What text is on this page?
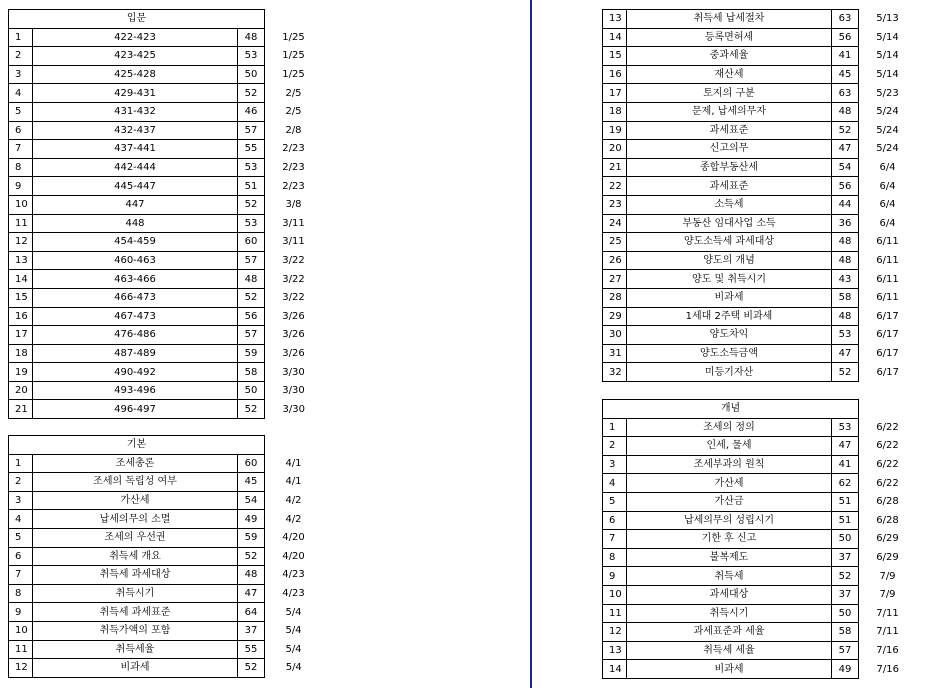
입문			
1	422-423	48	1/25
2	423-425	53	1/25
3	425-428	50	1/25
4	429-431	52	2/5
5	431-432	46	2/5
6	432-437	57	2/8
7	437-441	55	2/23
8	442-444	53	2/23
9	445-447	51	2/23
10	447	52	3/8
11	448	53	3/11
12	454-459	60	3/11
13	460-463	57	3/22
14	463-466	48	3/22
15	466-473	52	3/22
16	467-473	56	3/26
17	476-486	57	3/26
18	487-489	59	3/26
19	490-492	58	3/30
20	493-496	50	3/30
21	496-497	52	3/30
기본			
1	조세총론	60	4/1
2	조세의 독립성 여부	45	4/1
3	가산세	54	4/2
4	납세의무의 소멸	49	4/2
5	조세의 우선권	59	4/20
6	취득세 개요	52	4/20
7	취득세 과세대상	48	4/23
8	취득시기	47	4/23
9	취득세 과세표준	64	5/4
10	취득가액의 포함	37	5/4
11	취득세율	55	5/4
12	비과세	52	5/4
13	취득세 납세절차	63	5/13
14	등록면허세	56	5/14
15	중과세율	41	5/14
16	재산세	45	5/14
17	토지의 구분	63	5/23
18	문제, 납세의무자	48	5/24
19	과세표준	52	5/24
20	신고의무	47	5/24
21	종합부동산세	54	6/4
22	과세표준	56	6/4
23	소득세	44	6/4
24	부동산 임대사업 소득	36	6/4
25	양도소득세 과세대상	48	6/11
26	양도의 개념	48	6/11
27	양도 및 취득시기	43	6/11
28	비과세	58	6/11
29	1세대 2주택 비과세	48	6/17
30	양도차익	53	6/17
31	양도소득금액	47	6/17
32	미등기자산	52	6/17
개념			
1	조세의 정의	53	6/22
2	인세, 물세	47	6/22
3	조세부과의 원칙	41	6/22
4	가산세	62	6/22
5	가산금	51	6/28
6	납세의무의 성립시기	51	6/28
7	기한 후 신고	50	6/29
8	불복제도	37	6/29
9	취득세	52	7/9
10	과세대상	37	7/9
11	취득시기	50	7/11
12	과세표준과 세율	58	7/11
13	취득세 세율	57	7/16
14	비과세	49	7/16
